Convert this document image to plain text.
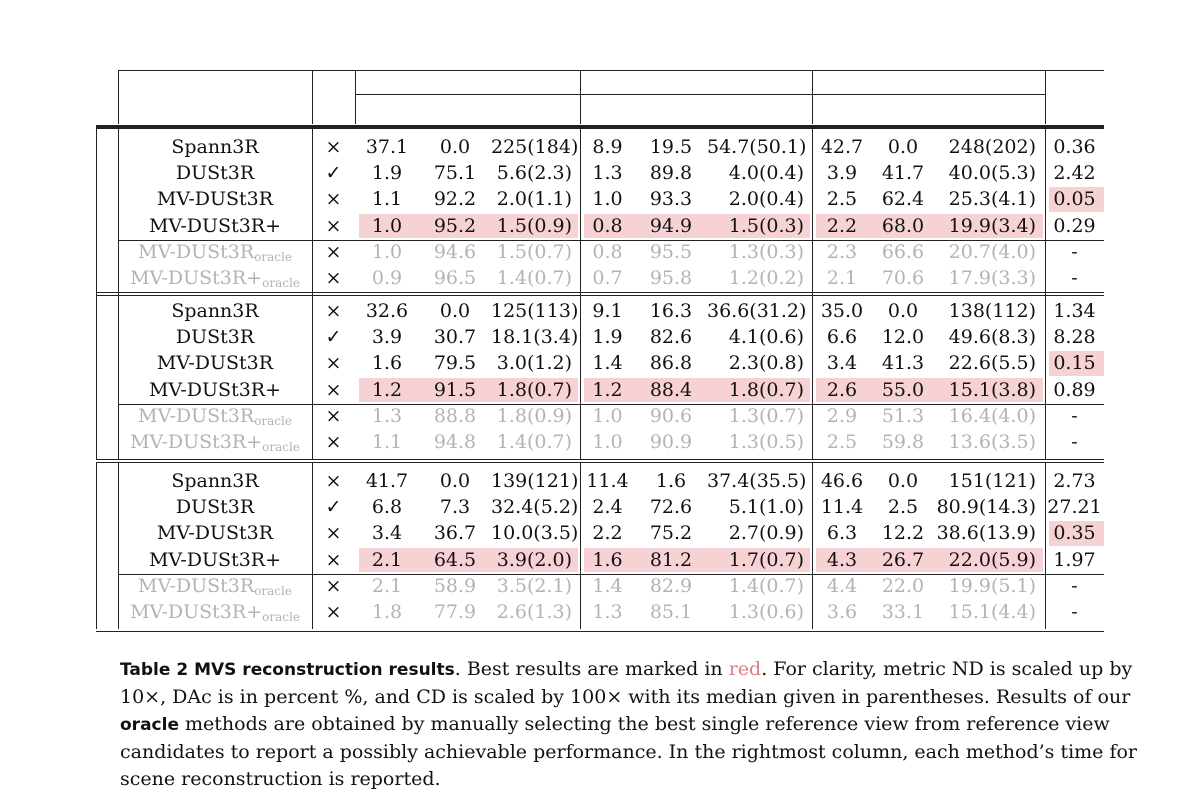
Spann3R	×	37.1	0.0	225(184) 8.9	19.5 54.7(50.1) 42.7	0.0	248(202) 0.36
DUSt3R	✓	1.9	75.1	5.6(2.3)	1.3	89.8	4.0(0.4)	3.9	41.7	40.0(5.3) 2.42
MV-DUSt3R	×	1.1	92.2	2.0(1.1)	1.0	93.3	2.0(0.4)	2.5	62.4	25.3(4.1) 0.05
MV-DUSt3R+	×	1.0	95.2	1.5(0.9)	0.8	94.9	1.5(0.3)	2.2	68.0	19.9(3.4) 0.29
$MV-DUSt3R_{oracle}$	×	1.0	94.6	1.5(0.7)	0.8	95.5	1.3(0.3)	2.3	66.6	20.7(4.0)	-
$MV-DUSt3R+_{oracle}$	×	0.9	96.5	1.4(0.7)	0.7	95.8	1.2(0.2)	2.1	70.6	17.9(3.3)	-
Spann3R	×	32.6	0.0	125(113) 9.1	16.3 36.6(31.2) 35.0	0.0	138(112) 1.34
DUSt3R	✓	3.9	30.7 18.1(3.4) 1.9	82.6	4.1(0.6)	6.6	12.0	49.6(8.3) 8.28
MV-DUSt3R	×	1.6	79.5	3.0(1.2)	1.4	86.8	2.3(0.8)	3.4	41.3	22.6(5.5) 0.15
MV-DUSt3R+	×	1.2	91.5	1.8(0.7)	1.2	88.4	1.8(0.7)	2.6	55.0	15.1(3.8) 0.89
$MV-DUSt3R_{oracle}$	×	1.3	88.8	1.8(0.9)	1.0	90.6	1.3(0.7)	2.9	51.3	16.4(4.0)	-
$MV-DUSt3R+_{oracle}$	×	1.1	94.8	1.4(0.7)	1.0	90.9	1.3(0.5)	2.5	59.8	13.6(3.5)	-
Spann3R	×	41.7	0.0	139(121) 11.4	1.6	37.4(35.5) 46.6	0.0	151(121) 2.73
DUSt3R	✓	6.8	7.3	32.4(5.2) 2.4	72.6	5.1(1.0) 11.4	2.5 80.9(14.3) 27.21
MV-DUSt3R	×	3.4	36.7 10.0(3.5) 2.2	75.2	2.7(0.9)	6.3	12.2 38.6(13.9) 0.35
MV-DUSt3R+	×	2.1	64.5	3.9(2.0)	1.6	81.2	1.7(0.7)	4.3	26.7	22.0(5.9) 1.97
$MV-DUSt3R_{oracle}$	×	2.1	58.9	3.5(2.1)	1.4	82.9	1.4(0.7)	4.4	22.0	19.9(5.1)	-
$MV-DUSt3R+_{oracle}$	×	1.8	77.9	2.6(1.3)	1.3	85.1	1.3(0.6)	3.6	33.1	15.1(4.4)	-
Table 2 MVS reconstruction results. Best results are marked in red. For clarity, metric ND is scaled up by 10×, DAc is in percent %, and CD is scaled by 100× with its median given in parentheses. Results of our oracle methods are obtained by manually selecting the best single reference view from reference view candidates to report a possibly achievable performance. In the rightmost column, each method’s time for scene reconstruction is reported.
